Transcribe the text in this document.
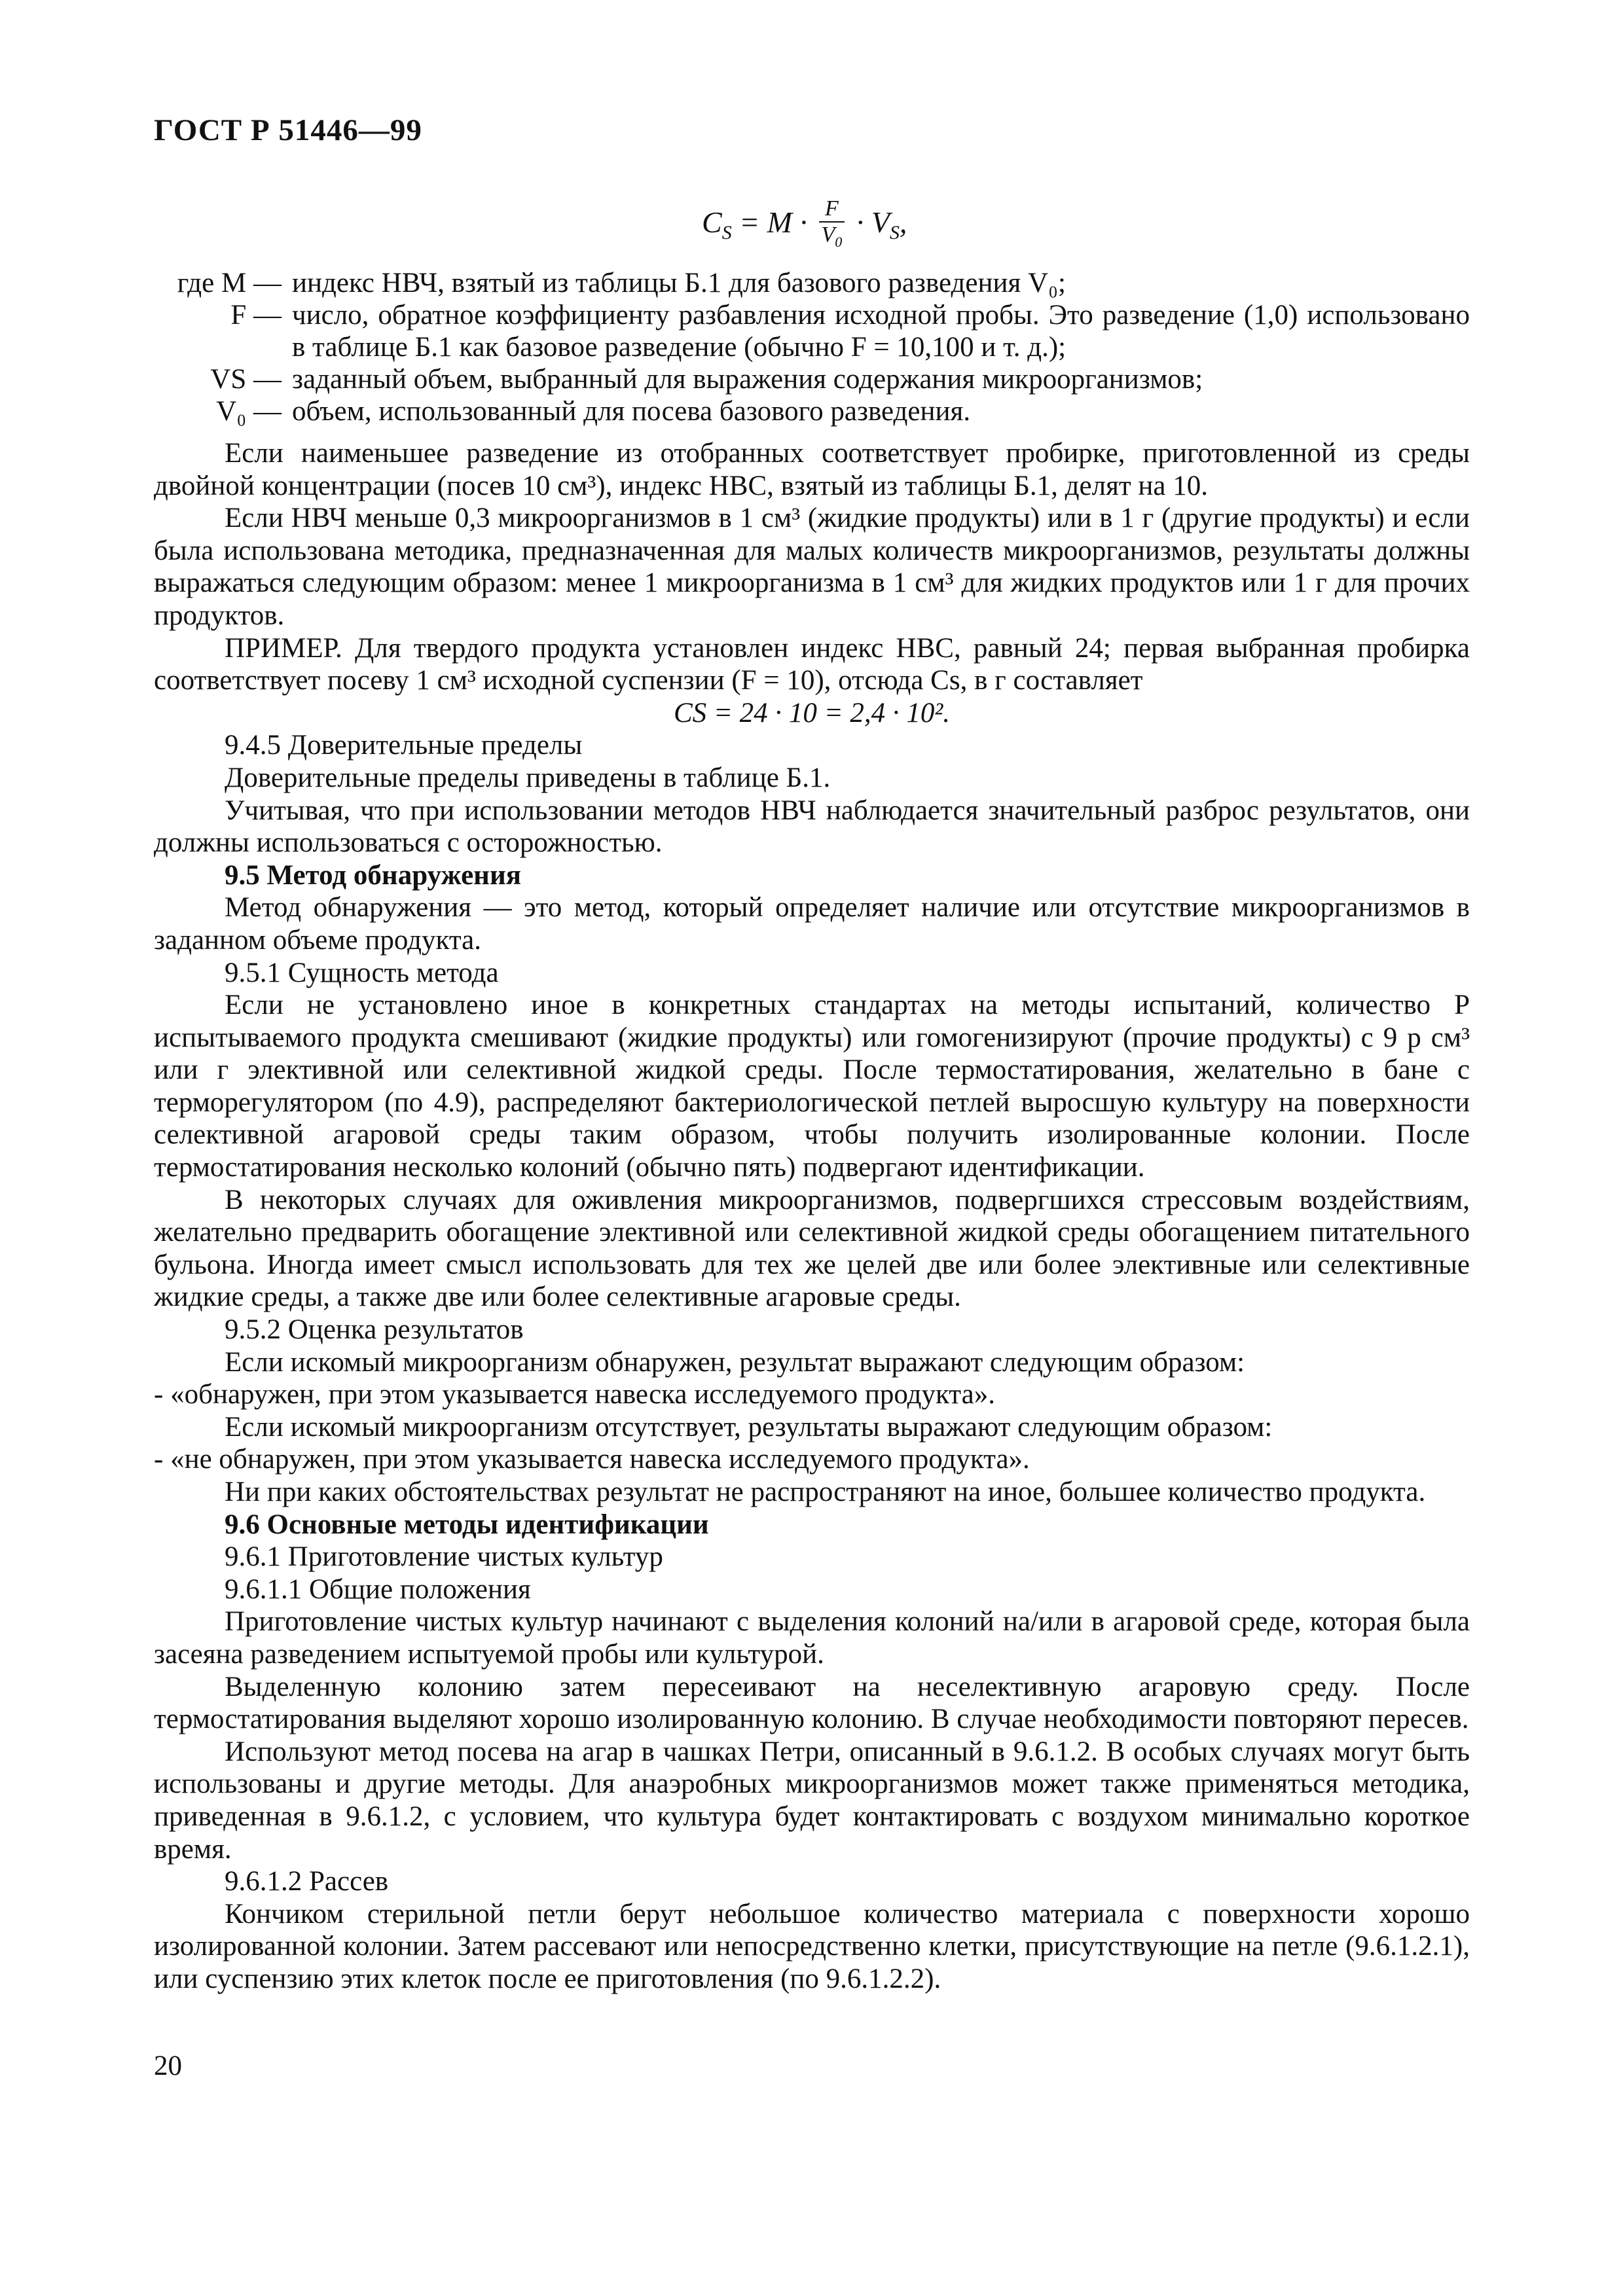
ГОСТ Р 51446—99
$C_S = M \cdot \frac{F}{V_0} \cdot V_S$,
где M — индекс НВЧ, взятый из таблицы Б.1 для базового разведения V₀;
F — число, обратное коэффициенту разбавления исходной пробы. Это разведение (1,0) использовано в таблице Б.1 как базовое разведение (обычно F = 10,100 и т. д.);
VS — заданный объем, выбранный для выражения содержания микроорганизмов;
V₀ — объем, использованный для посева базового разведения.

Если наименьшее разведение из отобранных соответствует пробирке, приготовленной из среды двойной концентрации (посев 10 см³), индекс НВС, взятый из таблицы Б.1, делят на 10.

Если НВЧ меньше 0,3 микроорганизмов в 1 см³ (жидкие продукты) или в 1 г (другие продукты) и если была использована методика, предназначенная для малых количеств микроорганизмов, результаты должны выражаться следующим образом: менее 1 микроорганизма в 1 см³ для жидких продуктов или 1 г для прочих продуктов.

ПРИМЕР. Для твердого продукта установлен индекс НВС, равный 24; первая выбранная пробирка соответствует посеву 1 см³ исходной суспензии (F = 10), отсюда Cs, в г составляет

CS = 24 · 10 = 2,4 · 10².

9.4.5 Доверительные пределы

Доверительные пределы приведены в таблице Б.1.

Учитывая, что при использовании методов НВЧ наблюдается значительный разброс результатов, они должны использоваться с осторожностью.

9.5 Метод обнаружения

Метод обнаружения — это метод, который определяет наличие или отсутствие микроорганизмов в заданном объеме продукта.

9.5.1 Сущность метода

Если не установлено иное в конкретных стандартах на методы испытаний, количество P испытываемого продукта смешивают (жидкие продукты) или гомогенизируют (прочие продукты) с 9 p см³ или г элективной или селективной жидкой среды. После термостатирования, желательно в бане с терморегулятором (по 4.9), распределяют бактериологической петлей выросшую культуру на поверхности селективной агаровой среды таким образом, чтобы получить изолированные колонии. После термостатирования несколько колоний (обычно пять) подвергают идентификации.

В некоторых случаях для оживления микроорганизмов, подвергшихся стрессовым воздействиям, желательно предварить обогащение элективной или селективной жидкой среды обогащением питательного бульона. Иногда имеет смысл использовать для тех же целей две или более элективные или селективные жидкие среды, а также две или более селективные агаровые среды.

9.5.2 Оценка результатов

Если искомый микроорганизм обнаружен, результат выражают следующим образом:

- «обнаружен, при этом указывается навеска исследуемого продукта».

Если искомый микроорганизм отсутствует, результаты выражают следующим образом:

- «не обнаружен, при этом указывается навеска исследуемого продукта».

Ни при каких обстоятельствах результат не распространяют на иное, большее количество продукта.

9.6 Основные методы идентификации

9.6.1 Приготовление чистых культур

9.6.1.1 Общие положения

Приготовление чистых культур начинают с выделения колоний на/или в агаровой среде, которая была засеяна разведением испытуемой пробы или культурой.

Выделенную колонию затем пересеивают на неселективную агаровую среду. После термостатирования выделяют хорошо изолированную колонию. В случае необходимости повторяют пересев.

Используют метод посева на агар в чашках Петри, описанный в 9.6.1.2. В особых случаях могут быть использованы и другие методы. Для анаэробных микроорганизмов может также применяться методика, приведенная в 9.6.1.2, с условием, что культура будет контактировать с воздухом минимально короткое время.

9.6.1.2 Рассев

Кончиком стерильной петли берут небольшое количество материала с поверхности хорошо изолированной колонии. Затем рассевают или непосредственно клетки, присутствующие на петле (9.6.1.2.1), или суспензию этих клеток после ее приготовления (по 9.6.1.2.2).

20
